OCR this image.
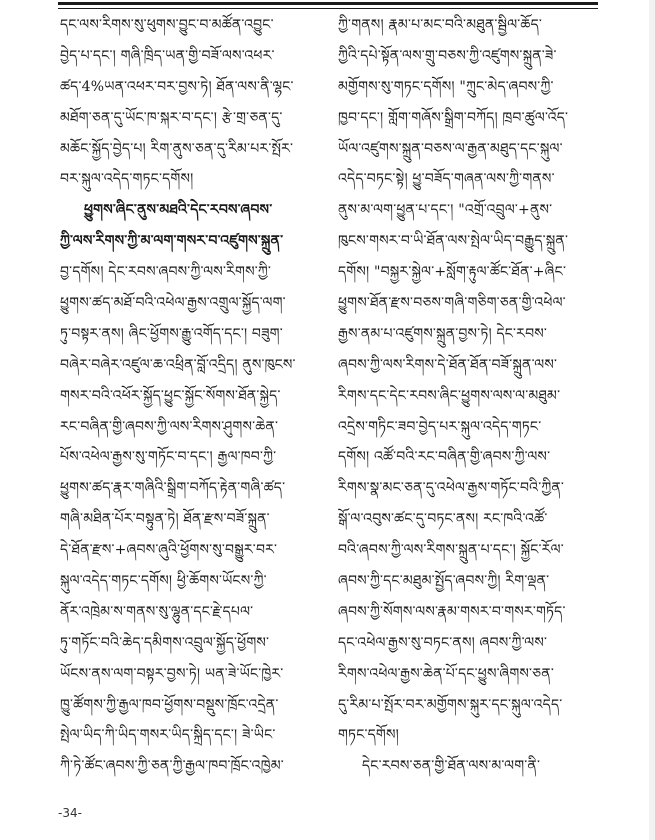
དང་ལས་རིགས་སུ་ཕུགས་བྱུང་བ་མཚོན་འབྱུང་
བྱེད་པ་དང་། གཞི་ཁྲིད་ཡན་གྱི་བཟོ་ལས་འཕར་
ཚད་4%ཡན་འཕར་བར་བྱས་ཏེ། ཐོན་ལས་ནི་ལྷང་
མཐོག་ཅན་དུ་ཡོང་ཁ་སྐར་བ་དང་། རྩེ་གྲ་ཅན་དུ་
མཆོང་སྐྱོད་བྱེད་པ། རིག་ནུས་ཅན་དུ་རིམ་པར་སྤོར་
བར་སྐུལ་འདེད་གཏང་དགོས།
ཕྱུགས་ཞིང་ནུས་མཐའི་དེང་རབས་ཞབས་
ཀྱི་ལས་རིགས་ཀྱི་མ་ལག་གསར་བ་འཛུགས་སྐྲུན་
བྱ་དགོས། དེང་རབས་ཞབས་ཀྱི་ལས་རིགས་ཀྱི་
ཕྱུགས་ཚད་མཐོ་བའི་འཕེལ་རྒྱས་འགྲུལ་སྐྱོད་ལག་
ཏུ་བསྟར་ནས། ཞིང་ཕྱོགས་རྒྱུ་འགོད་དང་། བཟུག་
བཞེར་བཞེར་འཛུལ་ཆ་འཕྲིན་བློ་འདྲིད། ནུས་ཁུངས་
གསར་བའི་འཕོར་སྐྱོད་ཕྱུང་སྐྱོང་སོགས་ཐོན་སྐྱེད་
རང་བཞིན་གྱི་ཞབས་ཀྱི་ལས་རིགས་ཤུགས་ཆེན་
པོས་འཕེལ་རྒྱས་སུ་གཏོང་བ་དང་། རྒྱལ་ཁབ་ཀྱི་
ཕྱུགས་ཚད་རྣར་གཞིའི་སྒྲིག་བཀོད་རྟེན་གཞི་ཚད་
གཞི་མཐིན་པོར་བསྟུན་ཏེ། ཐོན་རྫས་བཟོ་སྐྲུན་
དེ་ཐོན་རྫས་+ཞབས་ཞུའི་ཕྱོགས་སུ་བསྒྱུར་བར་
སྐུལ་འདེད་གཏང་དགོས། ཕྱི་ཆོགས་ཡོངས་ཀྱི་
ནོར་འཁྲེམ་ས་གནས་སུ་ལྷུན་དང་རྗེ་དཔལ་
ཏུ་གཏོང་བའི་ཆེད་དམིགས་འབྲུལ་སྐྱོད་ཕྱོགས་
ཡོངས་ནས་ལག་བསྟར་བྱས་ཏེ། ཡན་ཟེ་ཡོང་ཁྱེར་
ཁྱུ་ཚོགས་ཀྱི་རྒྱལ་ཁབ་ཕྱོགས་བསྡུས་ཁྲོང་འདྲེན་
སྤེལ་ཡིད་ཀི་ཡིད་གསར་ཡིད་སྐྲིད་དང་། ཟེ་ཡིང་
ཀི་ཏེ་ཚོང་ཞབས་ཀྱི་ཅན་ཀྱི་རྒྱལ་ཁབ་ཁྲོང་འཁྱེམ་
ཀྱི་གནས། རྣམ་པ་མང་བའི་མཐུན་སྦྱིལ་ཆོད་
ཀྱིའི་དཔེ་སྟོན་ལས་གྲུ་བཅས་ཀྱི་འཛུགས་སྐྲུན་ཟེ་
མགྱོགས་སུ་གཏང་དགོས། "ཀྲུང་མེད་ཞབས་ཀྱི་
ཁྱབ་དང་། གློག་གཞོས་སྒྲིག་བཀོད། ཁྲབ་ཚུལ་འོད་
ཡོལ་འཛུགས་སྐྲུན་བཅས་ལ་རྒྱན་མཐུད་དང་སྐུལ་
འདེད་བཏང་སྟེ། ཕྱུ་བཟོད་གཞན་ལས་ཀྱི་གནས་
ནུས་མ་ལག་ཕྱུན་པ་དང་། "འགྲོ་འབྲུལ་+ནུས་
ཁུངས་གསར་བ་ཡི་ཐོན་ལས་སྤེལ་ཡིད་བརྒྱུད་སྐྲུན་
དགོས། "བསྐྱར་སྐྱེལ་+སློག་རྟུལ་ཚོང་ཐོན་+ཞིང་
ཕྱུགས་ཐོན་རྫས་བཅས་གཞི་གཅིག་ཅན་གྱི་འཕེལ་
རྒྱས་ནམ་པ་འཛུགས་སྐྲུན་བྱས་ཏེ། དེང་རབས་
ཞབས་ཀྱི་ལས་རིགས་དེ་ཐོན་ཐོན་བཟོ་སྐྲུན་ལས་
རིགས་དང་དེང་རབས་ཞིང་ཕྱུགས་ལས་ལ་མཐུམ་
འདྲེས་གཏིང་ཟབ་བྱེད་པར་སྐུལ་འདེད་གཏང་
དགོས། འཚོ་བའི་རང་བཞིན་གྱི་ཞབས་ཀྱི་ལས་
རིགས་སྣ་མང་ཅན་དུ་འཕེལ་རྒྱས་གཏོང་བའི་ཀྱིན་
སྒོ་ལ་འབུས་ཚང་དུ་བཏང་ནས། རང་ཁའི་འཚོ་
བའི་ཞབས་ཀྱི་ལས་རིགས་སྐྲུན་པ་དང་། སྐྱོང་རོལ་
ཞབས་ཀྱི་དང་མཐུམ་སྤྱོད་ཞབས་ཀྱི། རིག་ལྡན་
ཞབས་ཀྱི་སོགས་ལས་རྣམ་གསར་བ་གསར་གཏོད་
དང་འཕེལ་རྒྱས་སུ་བཏང་ནས། ཞབས་ཀྱི་ལས་
རིགས་འཕེལ་རྒྱས་ཆེན་པོ་དང་ཕྱུས་ཞིགས་ཅན་
དུ་རིམ་པ་སྤོར་བར་མགྱོགས་སྐུར་དང་སྐུལ་འདེད་
གཏང་དགོས།
དེང་རབས་ཅན་གྱི་ཐོན་ལས་མ་ལག་ནི་
-34-
